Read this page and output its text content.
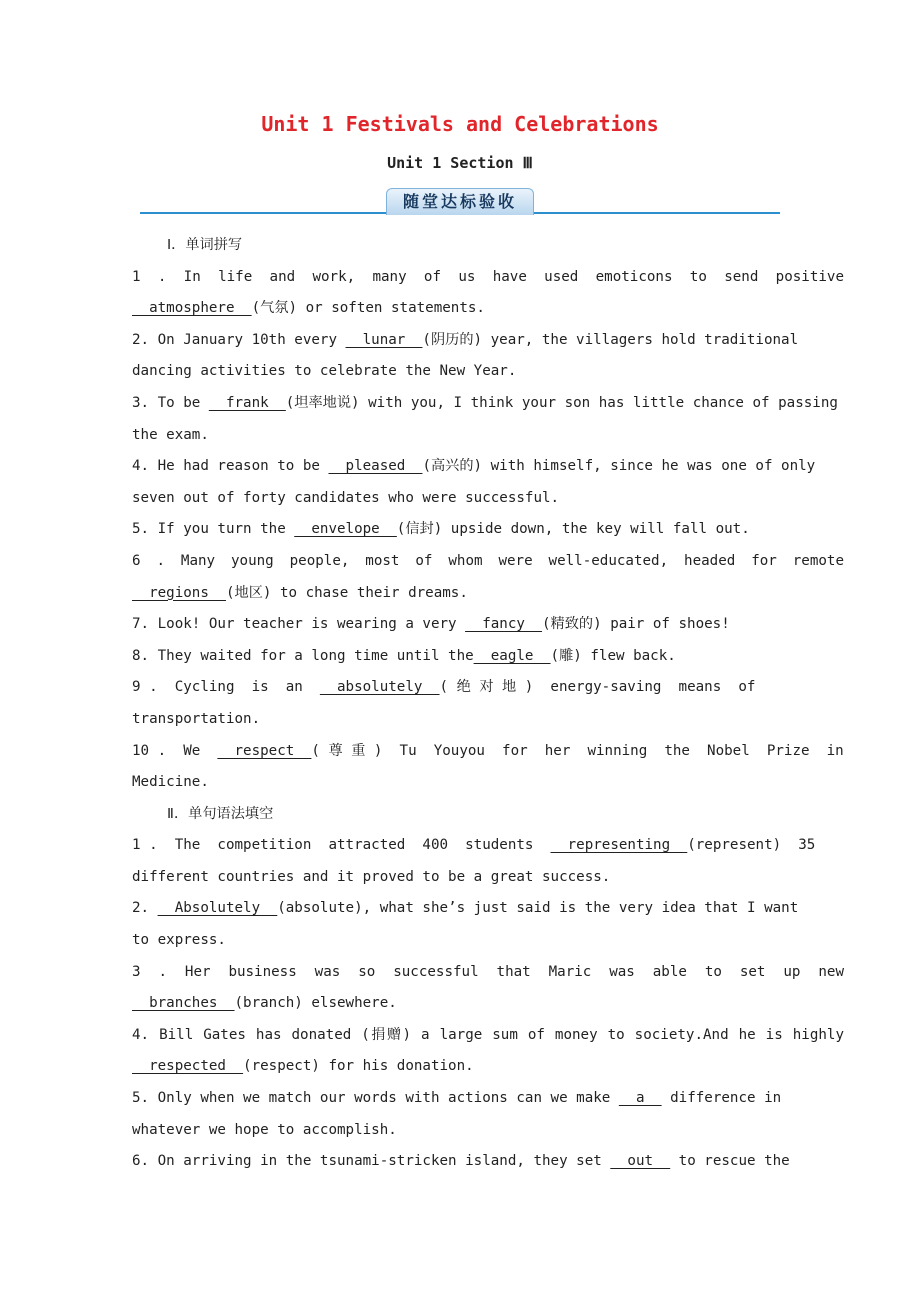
Unit 1 Festivals and Celebrations
Unit 1 Section Ⅲ
随堂达标验收
Ⅰ．单词拼写
1 . In life and work, many of us have used emoticons to send positive
__atmosphere__(气氛) or soften statements.
2. On January 10th every __lunar__(阴历的) year, the villagers hold traditional
dancing activities to celebrate the New Year.
3. To be __frank__(坦率地说) with you, I think your son has little chance of passing
the exam.
4. He had reason to be __pleased__(高兴的) with himself, since he was one of only
seven out of forty candidates who were successful.
5. If you turn the __envelope__(信封) upside down, the key will fall out.
6 . Many young people, most of whom were well-educated, headed for remote
__regions__(地区) to chase their dreams.
7. Look! Our teacher is wearing a very __fancy__(精致的) pair of shoes!
8. They waited for a long time until the__eagle__(雕) flew back.
9 .  Cycling  is  an  __absolutely__( 绝 对 地 )  energy-saving  means  of
transportation.
10 .  We  __respect__( 尊 重 )  Tu  Youyou  for  her  winning  the  Nobel  Prize  in
Medicine.
Ⅱ．单句语法填空
1 .  The  competition  attracted  400  students  __representing__(represent)  35
different countries and it proved to be a great success.
2. __Absolutely__(absolute), what she’s just said is the very idea that I want
to express.
3 . Her business was so successful that Maric was able to set up new
__branches__(branch) elsewhere.
4. Bill Gates has donated (捐赠) a large sum of money to society.And he is highly
__respected__(respect) for his donation.
5. Only when we match our words with actions can we make __a__ difference in
whatever we hope to accomplish.
6. On arriving in the tsunami-stricken island, they set __out__ to rescue the
